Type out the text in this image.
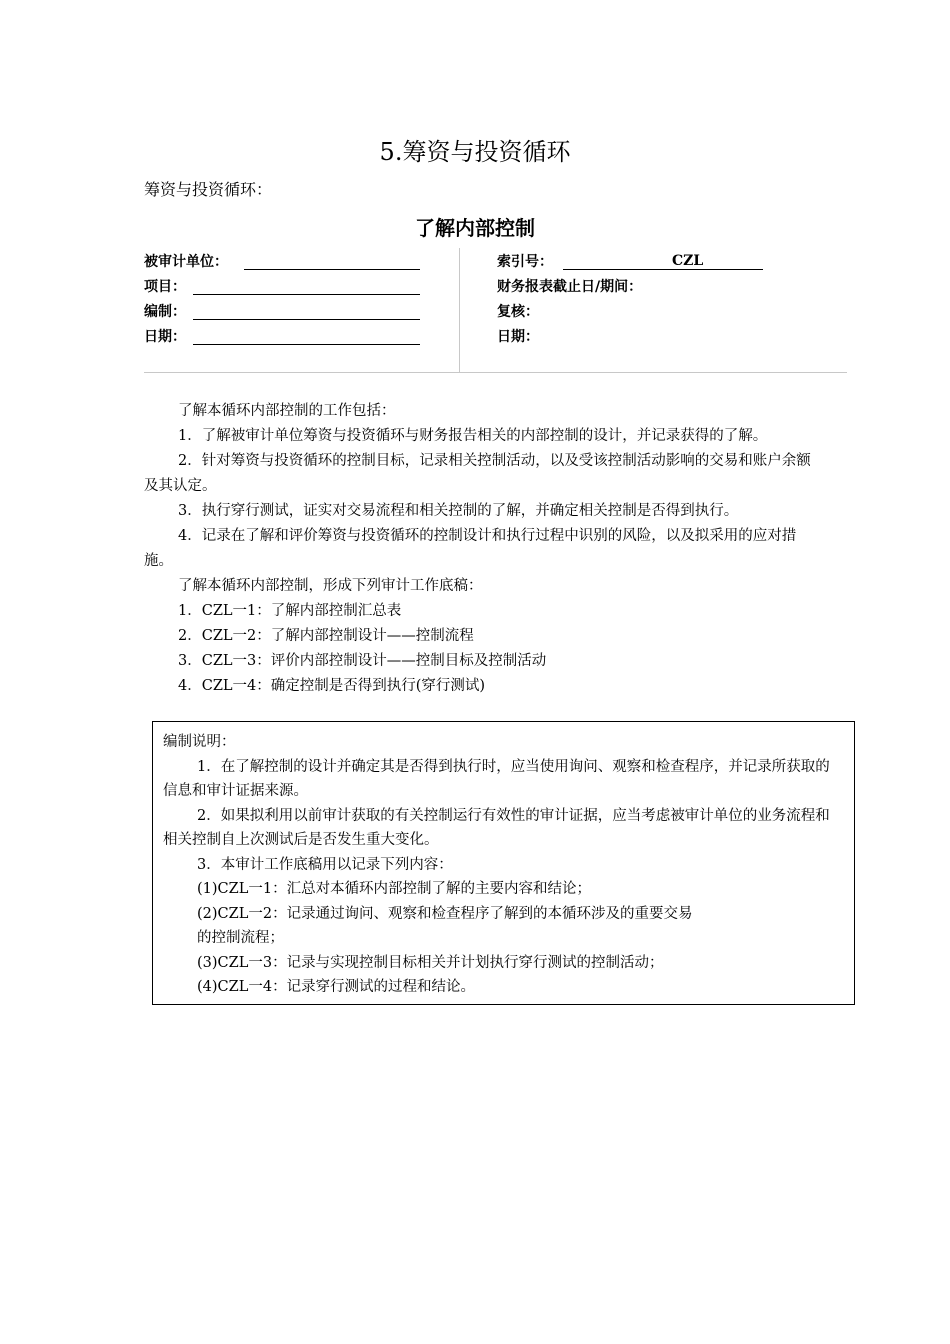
5.筹资与投资循环
筹资与投资循环：
了解内部控制
被审计单位：
项目：
编制：
日期：
索引号：	CZL
财务报表截止日/期间：
复核：
日期：

了解本循环内部控制的工作包括：

1．了解被审计单位筹资与投资循环与财务报告相关的内部控制的设计，并记录获得的了解。

2．针对筹资与投资循环的控制目标，记录相关控制活动，以及受该控制活动影响的交易和账户余额及其认定。

3．执行穿行测试，证实对交易流程和相关控制的了解，并确定相关控制是否得到执行。

4．记录在了解和评价筹资与投资循环的控制设计和执行过程中识别的风险，以及拟采用的应对措施。

了解本循环内部控制，形成下列审计工作底稿：

1．CZL一1：了解内部控制汇总表

2．CZL一2：了解内部控制设计——控制流程

3．CZL一3：评价内部控制设计——控制目标及控制活动

4．CZL一4：确定控制是否得到执行(穿行测试)

编制说明：

1．在了解控制的设计并确定其是否得到执行时，应当使用询问、观察和检查程序，并记录所获取的信息和审计证据来源。

2．如果拟利用以前审计获取的有关控制运行有效性的审计证据，应当考虑被审计单位的业务流程和相关控制自上次测试后是否发生重大变化。

3．本审计工作底稿用以记录下列内容：

(1)CZL一1：汇总对本循环内部控制了解的主要内容和结论；

(2)CZL一2：记录通过询问、观察和检查程序了解到的本循环涉及的重要交易

的控制流程；

(3)CZL一3：记录与实现控制目标相关并计划执行穿行测试的控制活动；

(4)CZL一4：记录穿行测试的过程和结论。
